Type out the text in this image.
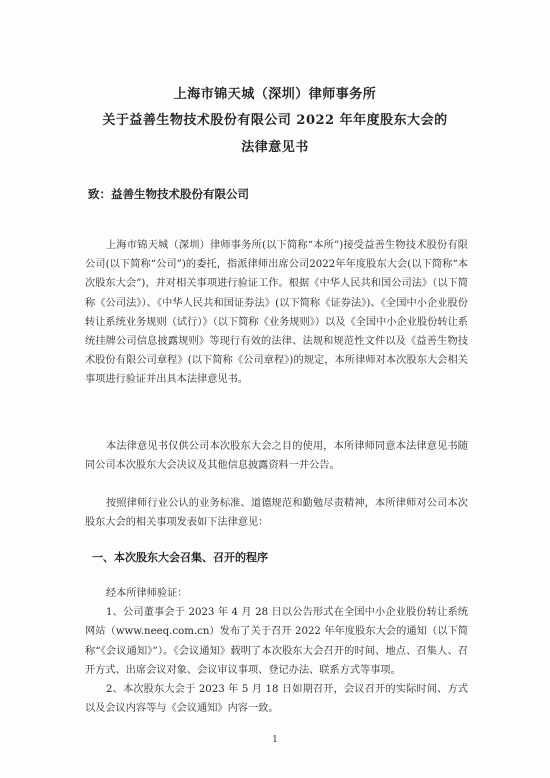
上海市锦天城（深圳）律师事务所
关于益善生物技术股份有限公司 2022 年年度股东大会的
法律意见书
致：益善生物技术股份有限公司
上海市锦天城（深圳）律师事务所(以下简称“本所”)接受益善生物技术股份有限公司(以下简称“公司”)的委托，指派律师出席公司2022年年度股东大会(以下简称“本次股东大会”)，并对相关事项进行验证工作。根据《中华人民共和国公司法》（以下简称《公司法》）、《中华人民共和国证券法》(以下简称《证券法》)、《全国中小企业股份转让系统业务规则（试行）》（以下简称《业务规则》）以及《全国中小企业股份转让系统挂牌公司信息披露规则》等现行有效的法律、法规和规范性文件以及《益善生物技术股份有限公司章程》(以下简称《公司章程》)的规定，本所律师对本次股东大会相关事项进行验证并出具本法律意见书。
本法律意见书仅供公司本次股东大会之目的使用，本所律师同意本法律意见书随同公司本次股东大会决议及其他信息披露资料一并公告。
按照律师行业公认的业务标准、道德规范和勤勉尽责精神，本所律师对公司本次股东大会的相关事项发表如下法律意见：
一、本次股东大会召集、召开的程序
经本所律师验证：
1、公司董事会于 2023 年 4 月 28 日以公告形式在全国中小企业股份转让系统网站（www.neeq.com.cn）发布了关于召开 2022 年年度股东大会的通知（以下简称“《会议通知》”）。《会议通知》载明了本次股东大会召开的时间、地点、召集人、召开方式、出席会议对象、会议审议事项、登记办法、联系方式等事项。
2、本次股东大会于 2023 年 5 月 18 日如期召开，会议召开的实际时间、方式以及会议内容等与《会议通知》内容一致。
1
